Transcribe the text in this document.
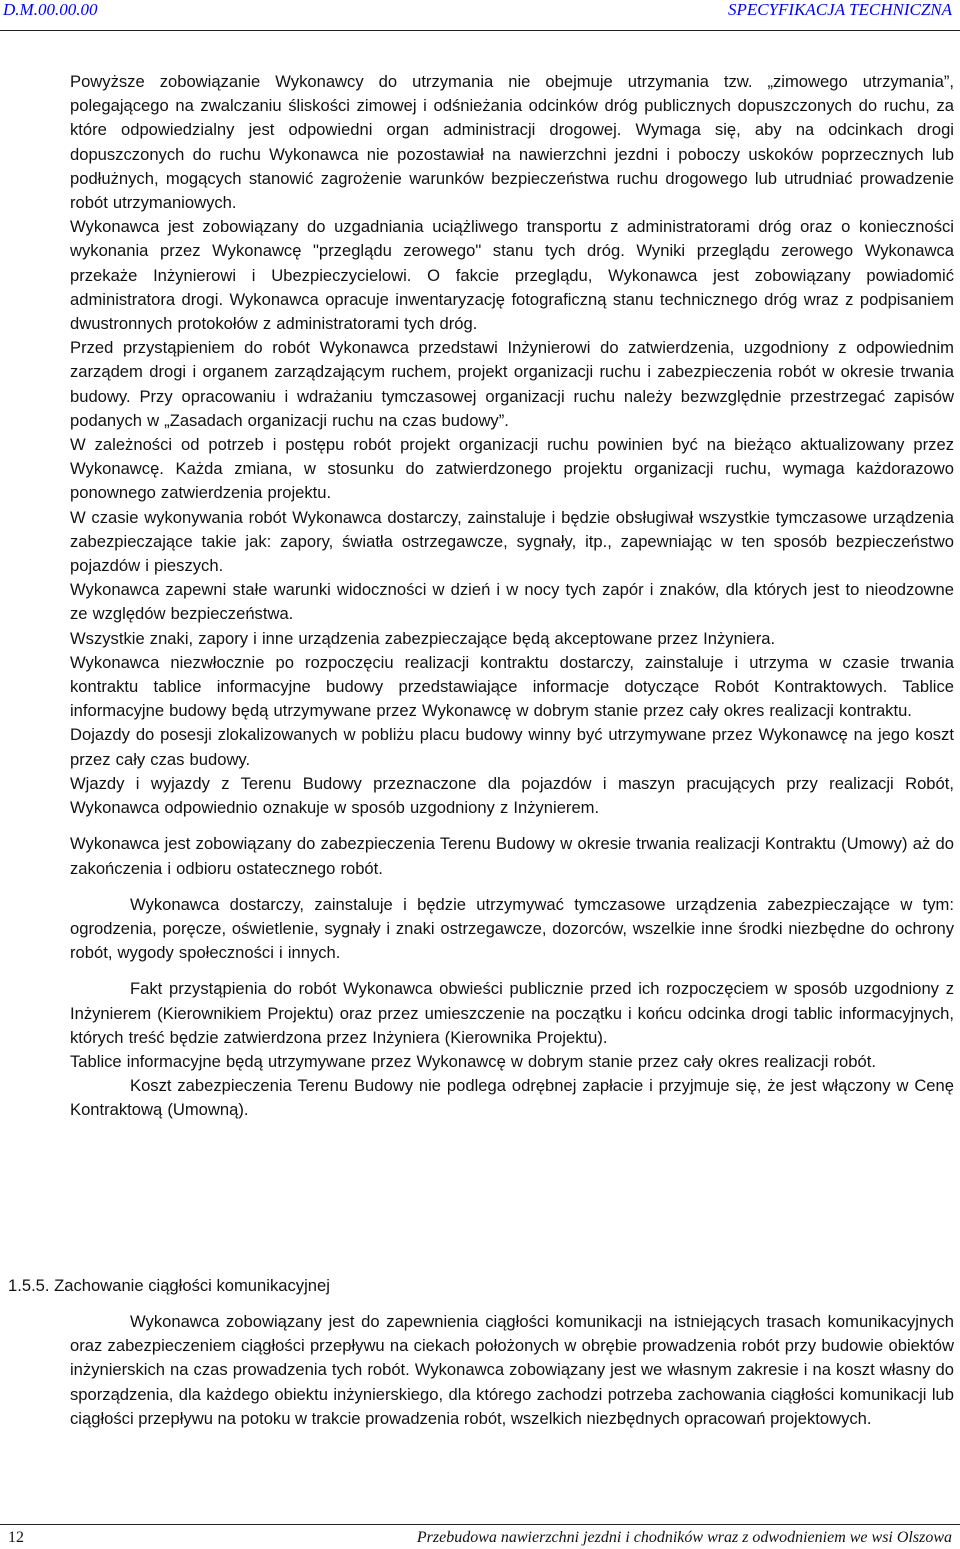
D.M.00.00.00	SPECYFIKACJA TECHNICZNA

Powyższe zobowiązanie Wykonawcy do utrzymania nie obejmuje utrzymania tzw. „zimowego utrzymania”, polegającego na zwalczaniu śliskości zimowej i odśnieżania odcinków dróg publicznych dopuszczonych do ruchu, za które odpowiedzialny jest odpowiedni organ administracji drogowej. Wymaga się, aby na odcinkach drogi dopuszczonych do ruchu Wykonawca nie pozostawiał na nawierzchni jezdni i poboczy uskoków poprzecznych lub podłużnych, mogących stanowić zagrożenie warunków bezpieczeństwa ruchu drogowego lub utrudniać prowadzenie robót utrzymaniowych.

Wykonawca jest zobowiązany do uzgadniania uciążliwego transportu z administratorami dróg oraz o konieczności wykonania przez Wykonawcę "przeglądu zerowego" stanu tych dróg. Wyniki przeglądu zerowego Wykonawca przekaże Inżynierowi i Ubezpieczycielowi. O fakcie przeglądu, Wykonawca jest zobowiązany powiadomić administratora drogi. Wykonawca opracuje inwentaryzację fotograficzną stanu technicznego dróg wraz z podpisaniem dwustronnych protokołów z administratorami tych dróg.

Przed przystąpieniem do robót Wykonawca przedstawi Inżynierowi do zatwierdzenia, uzgodniony z odpowiednim zarządem drogi i organem zarządzającym ruchem, projekt organizacji ruchu i zabezpieczenia robót w okresie trwania budowy. Przy opracowaniu i wdrażaniu tymczasowej organizacji ruchu należy bezwzględnie przestrzegać zapisów podanych w „Zasadach organizacji ruchu na czas budowy”.

W zależności od potrzeb i postępu robót projekt organizacji ruchu powinien być na bieżąco aktualizowany przez Wykonawcę. Każda zmiana, w stosunku do zatwierdzonego projektu organizacji ruchu, wymaga każdorazowo ponownego zatwierdzenia projektu.

W czasie wykonywania robót Wykonawca dostarczy, zainstaluje i będzie obsługiwał wszystkie tymczasowe urządzenia zabezpieczające takie jak: zapory, światła ostrzegawcze, sygnały, itp., zapewniając w ten sposób bezpieczeństwo pojazdów i pieszych.

Wykonawca zapewni stałe warunki widoczności w dzień i w nocy tych zapór i znaków, dla których jest to nieodzowne ze względów bezpieczeństwa.

Wszystkie znaki, zapory i inne urządzenia zabezpieczające będą akceptowane przez Inżyniera.

Wykonawca niezwłocznie po rozpoczęciu realizacji kontraktu dostarczy, zainstaluje i utrzyma w czasie trwania kontraktu tablice informacyjne budowy przedstawiające informacje dotyczące Robót Kontraktowych. Tablice informacyjne budowy będą utrzymywane przez Wykonawcę w dobrym stanie przez cały okres realizacji kontraktu.

Dojazdy do posesji zlokalizowanych w pobliżu placu budowy winny być utrzymywane przez Wykonawcę na jego koszt przez cały czas budowy.

Wjazdy i wyjazdy z Terenu Budowy przeznaczone dla pojazdów i maszyn pracujących przy realizacji Robót, Wykonawca odpowiednio oznakuje w sposób uzgodniony z Inżynierem.

Wykonawca jest zobowiązany do zabezpieczenia Terenu Budowy w okresie trwania realizacji Kontraktu (Umowy) aż do zakończenia i odbioru ostatecznego robót.

Wykonawca dostarczy, zainstaluje i będzie utrzymywać tymczasowe urządzenia zabezpieczające w tym: ogrodzenia, poręcze, oświetlenie, sygnały i znaki ostrzegawcze, dozorców, wszelkie inne środki niezbędne do ochrony robót, wygody społeczności i innych.

Fakt przystąpienia do robót Wykonawca obwieści publicznie przed ich rozpoczęciem w sposób uzgodniony z Inżynierem (Kierownikiem Projektu) oraz przez umieszczenie na początku i końcu odcinka drogi tablic informacyjnych, których treść będzie zatwierdzona przez Inżyniera (Kierownika Projektu).

Tablice informacyjne będą utrzymywane przez Wykonawcę w dobrym stanie przez cały okres realizacji robót.

Koszt zabezpieczenia Terenu Budowy nie podlega odrębnej zapłacie i przyjmuje się, że jest włączony w Cenę Kontraktową (Umowną).

1.5.5. Zachowanie ciągłości komunikacyjnej

Wykonawca zobowiązany jest do zapewnienia ciągłości komunikacji na istniejących trasach komunikacyjnych oraz zabezpieczeniem ciągłości przepływu na ciekach położonych w obrębie prowadzenia robót przy budowie obiektów inżynierskich na czas prowadzenia tych robót. Wykonawca zobowiązany jest we własnym zakresie i na koszt własny do sporządzenia, dla każdego obiektu inżynierskiego, dla którego zachodzi potrzeba zachowania ciągłości komunikacji lub ciągłości przepływu na potoku w trakcie prowadzenia robót, wszelkich niezbędnych opracowań projektowych.

12	Przebudowa nawierzchni jezdni i chodników wraz z odwodnieniem we wsi Olszowa
